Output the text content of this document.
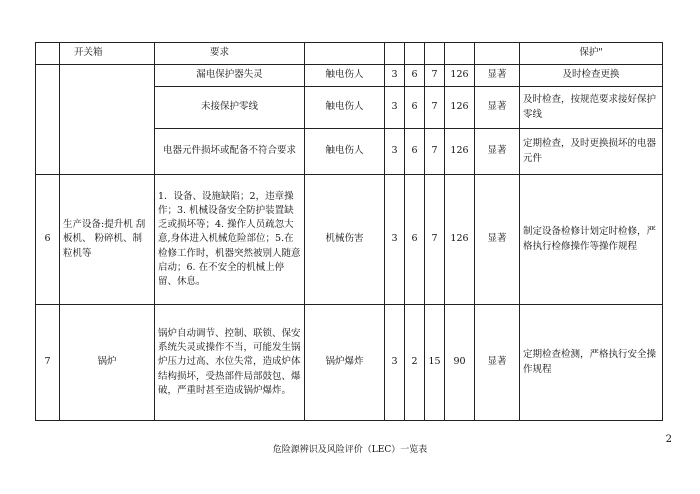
	开关箱	要求							保护"
		漏电保护器失灵	触电伤人	3	6	7	126	显著	及时检查更换
		未接保护零线	触电伤人	3	6	7	126	显著	及时检查，按规范要求接好保护零线
		电器元件损坏或配备不符合要求	触电伤人	3	6	7	126	显著	定期检查，及时更换损坏的电器元件
6	生产设备:提升机 刮板机、 粉碎机、制粒机等	1．设备、设施缺陷；2，违章操作；3. 机械设备安全防护装置缺乏或损坏等；4. 操作人员疏忽大意,身体进入机械危险部位；5.在检修工作时，机器突然被别人随意启动；6. 在不安全的机械上停留、休息。	机械伤害	3	6	7	126	显著	制定设备检修计划定时检修，严格执行检修操作等操作规程
7	锅炉	锅炉自动调节、控制、联锁、保安系统失灵或操作不当，可能发生锅炉压力过高、水位失常，造成炉体结构损坏，受热部件局部鼓包、爆破，严重时甚至造成锅炉爆炸。	锅炉爆炸	3	2	15	90	显著	定期检查检测，严格执行安全操作规程
2
危险源辨识及风险评价（LEC）一览表
